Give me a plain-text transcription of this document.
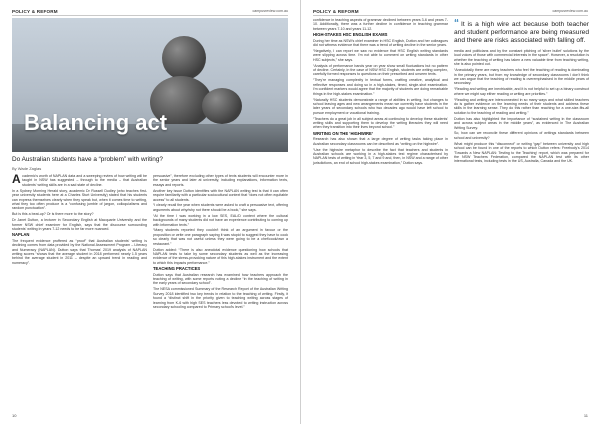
POLICY & REFORM	campusreview.com.au
Balancing act
Do Australian students have a “problem” with writing?
By Wade Zaglas

Academic's worth of NAPLAN data and a sweeping review of how writing will be taught in NSW has suggested – through to the media – that Australian students' writing skills are in a sad state of decline.

In a Sydney Morning Herald story, academic Dr Russell Dudley (who teaches first-year university students here at a Charles Sturt University) stated that his students can express themselves clearly when they speak but, when it comes time to writing, what they too often produce is a “confusing jumble of jargon, colloquialisms and random punctuation”.

But is this a beat-up? Or is there more to the story?

Dr Janet Dutton, a lecturer in Secondary English at Macquarie University and the former NSW chief examiner for English, says that the discourse surrounding students' writing in years 7-12 needs to be far more nuanced.

NAPLAN

The frequent evidence proffered as “proof” that Australian students' writing is declining comes from data provided by the National Assessment Program – Literacy and Numeracy (NAPLAN). Dutton says that Thomas' 2019 analysis of NAPLAN writing scores “shows that the average student in 2018 performed nearly 1.5 years behind the average student in 2011 – despite an upward trend in reading and numeracy”.

persuasive”, therefore excluding other types of texts students will encounter more in the senior years and later at university, including explanations, information texts, essays and reports.

Another key issue Dutton identifies with the NAPLAN writing test is that it can often require familiarity with a particular sociocultural context that “does not often equitable access” to all students.

“I clearly recall the year when students were asked to craft a persuasive text, offering arguments about why/why not there should be a book,” she says.

“At the time I was working in a low SES, EAL/D context where the cultural backgrounds of many students did not have an experience contributing to coming up with information texts.”

“Many students reported they couldn't think of an argument in favour or the proposition or write one paragraph saying it was stupid to suggest they have to cook so clearly that was not useful unless they were going to be a chef/cook/own a restaurant.”

Dutton added: “There is also anecdotal evidence questioning how schools that NAPLAN tests to take by some secondary students as well as the increasing evidence of the stress-provoking nature of this high-stakes instrument and the extent to which this impacts performance.”

TEACHING PRACTICES

Dutton says that Australian research has examined how teachers approach the teaching of writing, with some reports noting a decline “in the teaching of writing in the early years of secondary school”.

The NESA commissioned Summary of the Research Report of the Australian Writing Survey 2018 identified two key trends in relation to the teaching of writing. Firstly, it found a “distinct shift in the priority given to teaching writing across stages of learning from K-6 with high SES teachers less devoted to writing instruction across secondary schooling compared to Primary school's level.”

10
POLICY & REFORM	campusreview.com.au

confidence in teaching aspects of grammar declined between years 3-6 and years 7-10. Additionally, there was a further decline in confidence in teaching grammar between years 7-10 and years 11-12.

HIGH-STAKES HSC ENGLISH EXAMS

During her time as NSW's chief examiner in HSC English, Dutton and her colleagues did not witness evidence that there was a trend of writing decline in the senior years.

“Negatively, I can report we saw no evidence that HSC English writing standards were slipping across time. I'm not able to comment on writing standards in other HSC subjects,” she says.

“Analysis of performance bands year on year show small fluctuations but no pattern of decline. Certainly, in the case of NSW HSC English, students are writing complex, carefully formed responses to questions on their prescribed and unseen texts.

“They're managing complexity in textual forms, crafting creative, analytical and reflective responses and doing so in a high-stakes, timed, single-shot examination. I'm confident markers would agree that the majority of students are doing remarkable things in the high-stakes examination.”

“Naturally HSC students demonstrate a range of abilities in writing, but changes to school leaving ages and new arrangements mean we currently have students in the later years of secondary schools who two decades ago would have left school to pursue employment or vocational training.

“Teachers do a great job in all subject areas at continuing to develop these students' writing skills and supporting them to develop the writing literacies they will need when they transition into their lives beyond school.”

WRITING ON THE ‘HIGHWIRE’

Research has also shown that a large degree of writing tasks taking place in Australian secondary classrooms can be described as “writing on the highwire”.

“Use the highwire metaphor to describe the fact that teachers and students in Australian schools are working in a high-stakes test regime characterised by NAPLAN tests of writing in Year 3, 5, 7 and 9 and, then, in NSW and a range of other jurisdictions, an end of school high-stakes examination,” Dutton says.

“ It is a high wire act because both teacher and student performance are being measured and there are risks associated with falling off.

media and politicians and by the constant pitching of 'silver bullet' solutions by the loud voices of those with commercial interests in the space”. However, a resolution is whether the teaching of writing has taken a new valuable time from teaching writing, she is also pointed out.

“Anecdotally there are many teachers who feel the teaching of reading is dominating in the primary years, but from my knowledge of secondary classrooms I don't think we can argue that the teaching of reading is overemphasised in the middle years of secondary.

“Reading and writing are inextricable, and it is not helpful to set up a binary construct where we might say either reading or writing are priorities.”

“Reading and writing are interconnected in so many ways and what skilled teachers do is gather evidence on the learning needs of their students and address these skills in the learning sense. They do this rather than reaching for a one-size-fits-all solution to the teaching of reading and writing.”

Dutton has also highlighted the importance of “sustained writing in the classroom and across subject areas in the middle years”, as evidenced in The Australian Writing Survey.

So, how can we reconcile these different opinions of writings standards between school and university?

What might produce this “disconnect” or writing “gap” between university and high school can be found in one of the reports to which Dutton refers: Freebody's 2014 'Towards a New NAPLAN: Testing to the Teaching' report, which was prepared for the NSW Teachers Federation, compared the NAPLAN test with its other international tests, including tests in the US, Australia, Canada and the UK.

11
